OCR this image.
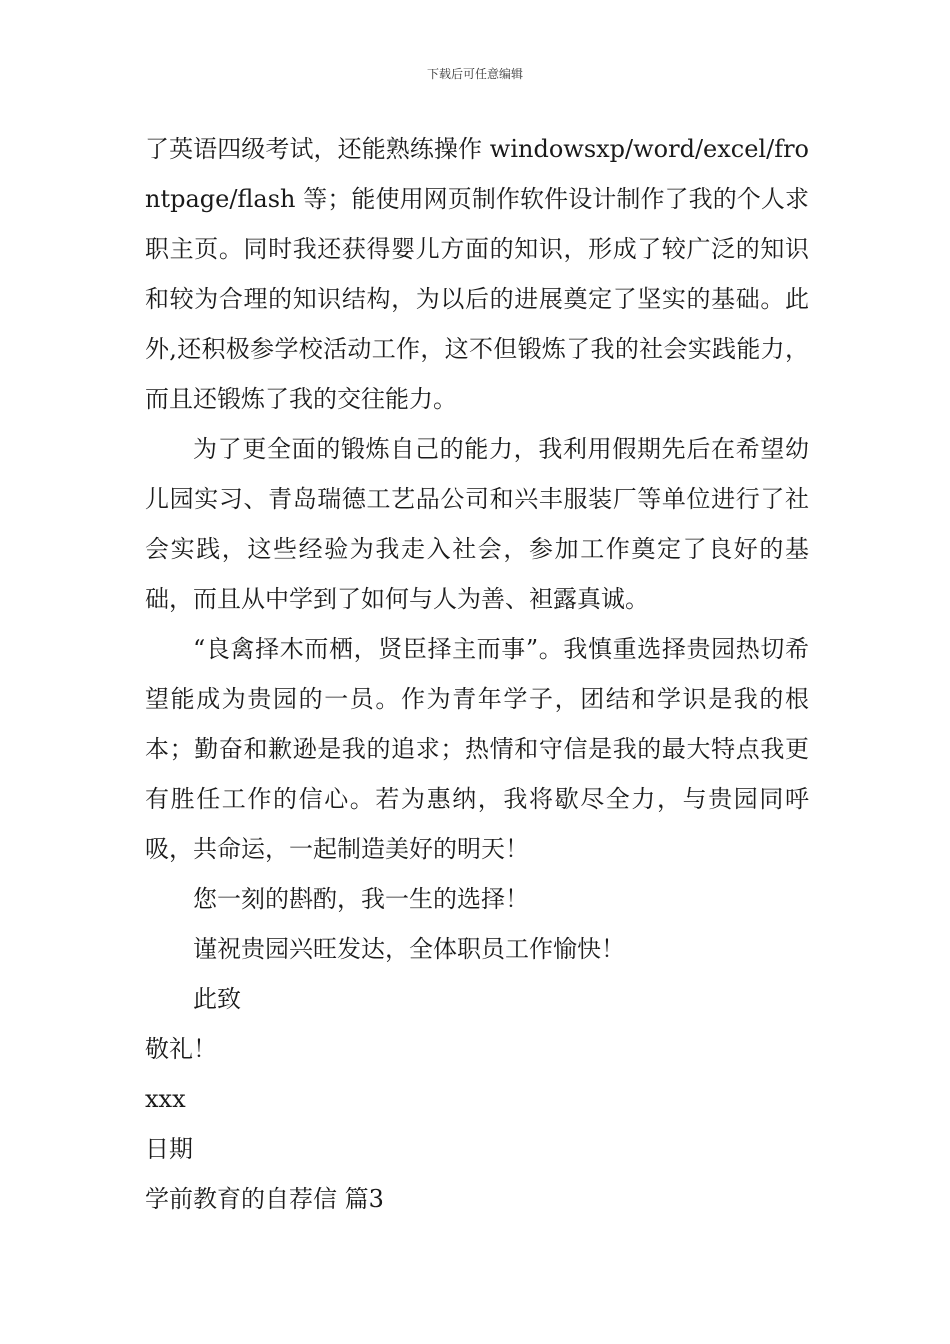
下载后可任意编辑

了英语四级考试，还能熟练操作 windowsxp/word/excel/frontpage/flash 等；能使用网页制作软件设计制作了我的个人求职主页。同时我还获得婴儿方面的知识，形成了较广泛的知识和较为合理的知识结构，为以后的进展奠定了坚实的基础。此外,还积极参学校活动工作，这不但锻炼了我的社会实践能力，而且还锻炼了我的交往能力。

为了更全面的锻炼自己的能力，我利用假期先后在希望幼儿园实习、青岛瑞德工艺品公司和兴丰服装厂等单位进行了社会实践，这些经验为我走入社会，参加工作奠定了良好的基础，而且从中学到了如何与人为善、袒露真诚。

“良禽择木而栖，贤臣择主而事”。我慎重选择贵园热切希望能成为贵园的一员。作为青年学子，团结和学识是我的根本；勤奋和歉逊是我的追求；热情和守信是我的最大特点我更有胜任工作的信心。若为惠纳，我将歇尽全力，与贵园同呼吸，共命运，一起制造美好的明天！

您一刻的斟酌，我一生的选择！

谨祝贵园兴旺发达，全体职员工作愉快！

此致

敬礼！

xxx

日期

学前教育的自荐信 篇3
